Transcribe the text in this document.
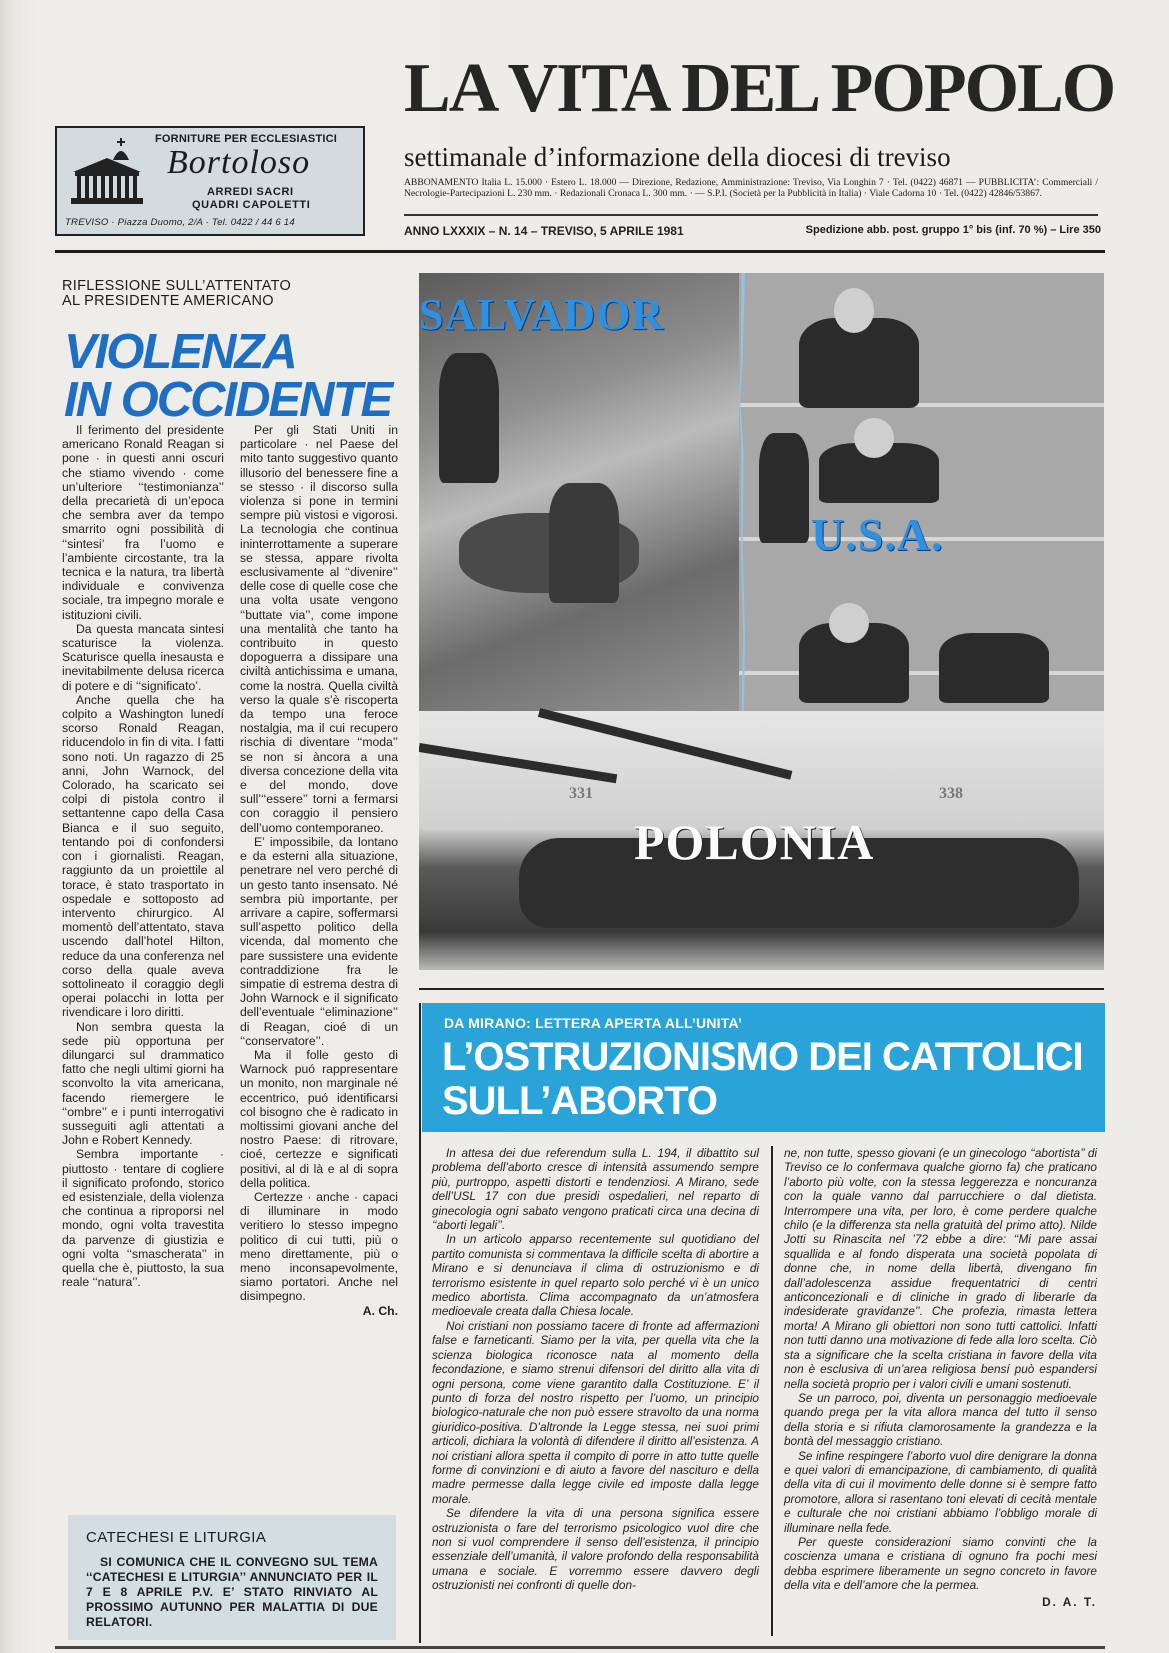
FORNITURE PER ECCLESIASTICI
Bortoloso
ARREDI SACRI
QUADRI CAPOLETTI
TREVISO · Piazza Duomo, 2/A · Tel. 0422 / 44 6 14
LA VITA DEL POPOLO
settimanale d’informazione della diocesi di treviso
ABBONAMENTO Italia L. 15.000 · Estero L. 18.000 — Direzione, Redazione, Amministrazione: Treviso, Via Longhin 7 · Tel. (0422) 46871 — PUBBLICITA’: Commerciali / Necrologie-Partecipazioni L. 230 mm. · Redazionali Cronaca L. 300 mm. · — S.P.I. (Società per la Pubblicità in Italia) · Viale Cadorna 10 · Tel. (0422) 42846/53867.
ANNO LXXXIX – N. 14 – TREVISO, 5 APRILE 1981	Spedizione abb. post. gruppo 1° bis (inf. 70 %) – Lire 350
RIFLESSIONE SULL’ATTENTATO
AL PRESIDENTE AMERICANO
VIOLENZA
IN OCCIDENTE

Il ferimento del presidente americano Ronald Reagan si pone · in questi anni oscuri che stiamo vivendo · come un’ulteriore ‘‘testimonianza’’ della precarietà di un’epoca che sembra aver da tempo smarrito ogni possibilità di ‘‘sintesi’ fra l’uomo e l’ambiente circostante, tra la tecnica e la natura, tra libertà individuale e convivenza sociale, tra impegno morale e istituzioni civili.

Da questa mancata sintesi scaturisce la violenza. Scaturisce quella inesausta e inevitabilmente delusa ricerca di potere e di ‘‘significato’.

Anche quella che ha colpito a Washington lunedí scorso Ronald Reagan, riducendolo in fin di vita. I fatti sono noti. Un ragazzo di 25 anni, John Warnock, del Colorado, ha scaricato sei colpi di pistola contro il settantenne capo della Casa Bianca e il suo seguito, tentando poi di confondersi con i giornalisti. Reagan, raggiunto da un proiettile al torace, è stato trasportato in ospedale e sottoposto ad intervento chirurgico. Al momentò dell’attentato, stava uscendo dall’hotel Hilton, reduce da una conferenza nel corso della quale aveva sottolineato il coraggio degli operai polacchi in lotta per rivendicare i loro diritti.

Non sembra questa la sede più opportuna per dilungarci sul drammatico fatto che negli ultimi giorni ha sconvolto la vita americana, facendo riemergere le ‘‘ombre’’ e i punti interrogativi susseguiti agli attentati a John e Robert Kennedy.

Sembra importante · piuttosto · tentare di cogliere il significato profondo, storico ed esistenziale, della violenza che continua a riproporsi nel mondo, ogni volta travestita da parvenze di giustizia e ogni volta ‘‘smascherata’’ in quella che è, piuttosto, la sua reale ‘‘natura’’.

Per gli Stati Uniti in particolare · nel Paese del mito tanto suggestivo quanto illusorio del benessere fine a se stesso · il discorso sulla violenza si pone in termini sempre più vistosi e vigorosi. La tecnologia che continua ininterrottamente a superare se stessa, appare rivolta esclusivamente al ‘‘divenire’’ delle cose di quelle cose che una volta usate vengono ‘‘buttate via’’, come impone una mentalità che tanto ha contribuito in questo dopoguerra a dissipare una civiltà antichissima e umana, come la nostra. Quella civiltà verso la quale s’è riscoperta da tempo una feroce nostalgia, ma il cui recupero rischia di diventare ‘‘moda’’ se non si àncora a una diversa concezione della vita e del mondo, dove sull’‘‘essere’’ torni a fermarsi con coraggio il pensiero dell’uomo contemporaneo.

E’ impossibile, da lontano e da esterni alla situazione, penetrare nel vero perché di un gesto tanto insensato. Né sembra più importante, per arrivare a capire, soffermarsi sull’aspetto politico della vicenda, dal momento che pare sussistere una evidente contraddizione fra le simpatie di estrema destra di John Warnock e il significato dell’eventuale ‘‘eliminazione’’ di Reagan, cioé di un ‘‘conservatore’’.

Ma il folle gesto di Warnock puó rappresentare un monito, non marginale né eccentrico, puó identificarsi col bisogno che è radicato in moltissimi giovani anche del nostro Paese: di ritrovare, cioé, certezze e significati positivi, al di là e al di sopra della politica.

Certezze · anche · capaci di illuminare in modo veritiero lo stesso impegno politico di cui tutti, più o meno direttamente, più o meno inconsapevolmente, siamo portatori. Anche nel disimpegno.

A. Ch.
CATECHESI E LITURGIA
SI COMUNICA CHE IL CONVEGNO SUL TEMA ‘‘CATECHESI E LITURGIA’’ ANNUNCIATO PER IL 7 E 8 APRILE P.V. E’ STATO RINVIATO AL PROSSIMO AUTUNNO PER MALATTIA DI DUE RELATORI.
SALVADOR
U.S.A.
POLONIA
331	338
DA MIRANO: LETTERA APERTA ALL’UNITA’
L’OSTRUZIONISMO DEI CATTOLICI
SULL’ABORTO

In attesa dei due referendum sulla L. 194, il dibattito sul problema dell’aborto cresce di intensità assumendo sempre più, purtroppo, aspetti distorti e tendenziosi. A Mirano, sede dell’USL 17 con due presidi ospedalieri, nel reparto di ginecologia ogni sabato vengono praticati circa una decina di ‘‘aborti legali’’.

In un articolo apparso recentemente sul quotidiano del partito comunista si commentava la difficile scelta di abortire a Mirano e si denunciava il clima di ostruzionismo e di terrorismo esistente in quel reparto solo perché vi è un unico medico abortista. Clima accompagnato da un’atmosfera medioevale creata dalla Chiesa locale.

Noi cristiani non possiamo tacere di fronte ad affermazioni false e farneticanti. Siamo per la vita, per quella vita che la scienza biologica riconosce nata al momento della fecondazione, e siamo strenui difensori del diritto alla vita di ogni persona, come viene garantito dalla Costituzione. E’ il punto di forza del nostro rispetto per l’uomo, un principio biologico-naturale che non può essere stravolto da una norma giuridico-positiva. D’altronde la Legge stessa, nei suoi primi articoli, dichiara la volontà di difendere il diritto all’esistenza. A noi cristiani allora spetta il compito di porre in atto tutte quelle forme di convinzioni e di aiuto a favore del nascituro e della madre permesse dalla legge civile ed imposte dalla legge morale.

Se difendere la vita di una persona significa essere ostruzionista o fare del terrorismo psicologico vuol dire che non si vuol comprendere il senso dell’esistenza, il principio essenziale dell’umanità, il valore profondo della responsabilità umana e sociale. E vorremmo essere davvero degli ostruzionisti nei confronti di quelle don-

ne, non tutte, spesso giovani (e un ginecologo ‘‘abortista’’ di Treviso ce lo confermava qualche giorno fa) che praticano l’aborto più volte, con la stessa leggerezza e noncuranza con la quale vanno dal parrucchiere o dal dietista. Interrompere una vita, per loro, è come perdere qualche chilo (e la differenza sta nella gratuità del primo atto). Nilde Jotti su Rinascita nel ’72 ebbe a dire: ‘‘Mi pare assai squallida e al fondo disperata una società popolata di donne che, in nome della libertà, divengano fin dall’adolescenza assidue frequentatrici di centri anticoncezionali e di cliniche in grado di liberarle da indesiderate gravidanze’’. Che profezia, rimasta lettera morta! A Mirano gli obiettori non sono tutti cattolici. Infatti non tutti danno una motivazione di fede alla loro scelta. Ciò sta a significare che la scelta cristiana in favore della vita non è esclusiva di un’area religiosa bensí può espandersi nella società proprio per i valori civili e umani sostenuti.

Se un parroco, poi, diventa un personaggio medioevale quando prega per la vita allora manca del tutto il senso della storia e si rifiuta clamorosamente la grandezza e la bontà del messaggio cristiano.

Se infine respingere l’aborto vuol dire denigrare la donna e quei valori di emancipazione, di cambiamento, di qualità della vita di cui il movimento delle donne si è sempre fatto promotore, allora si rasentano toni elevati di cecità mentale e culturale che noi cristiani abbiamo l’obbligo morale di illuminare nella fede.

Per queste considerazioni siamo convinti che la coscienza umana e cristiana di ognuno fra pochi mesi debba esprimere liberamente un segno concreto in favore della vita e dell’amore che la permea.

D. A. T.
